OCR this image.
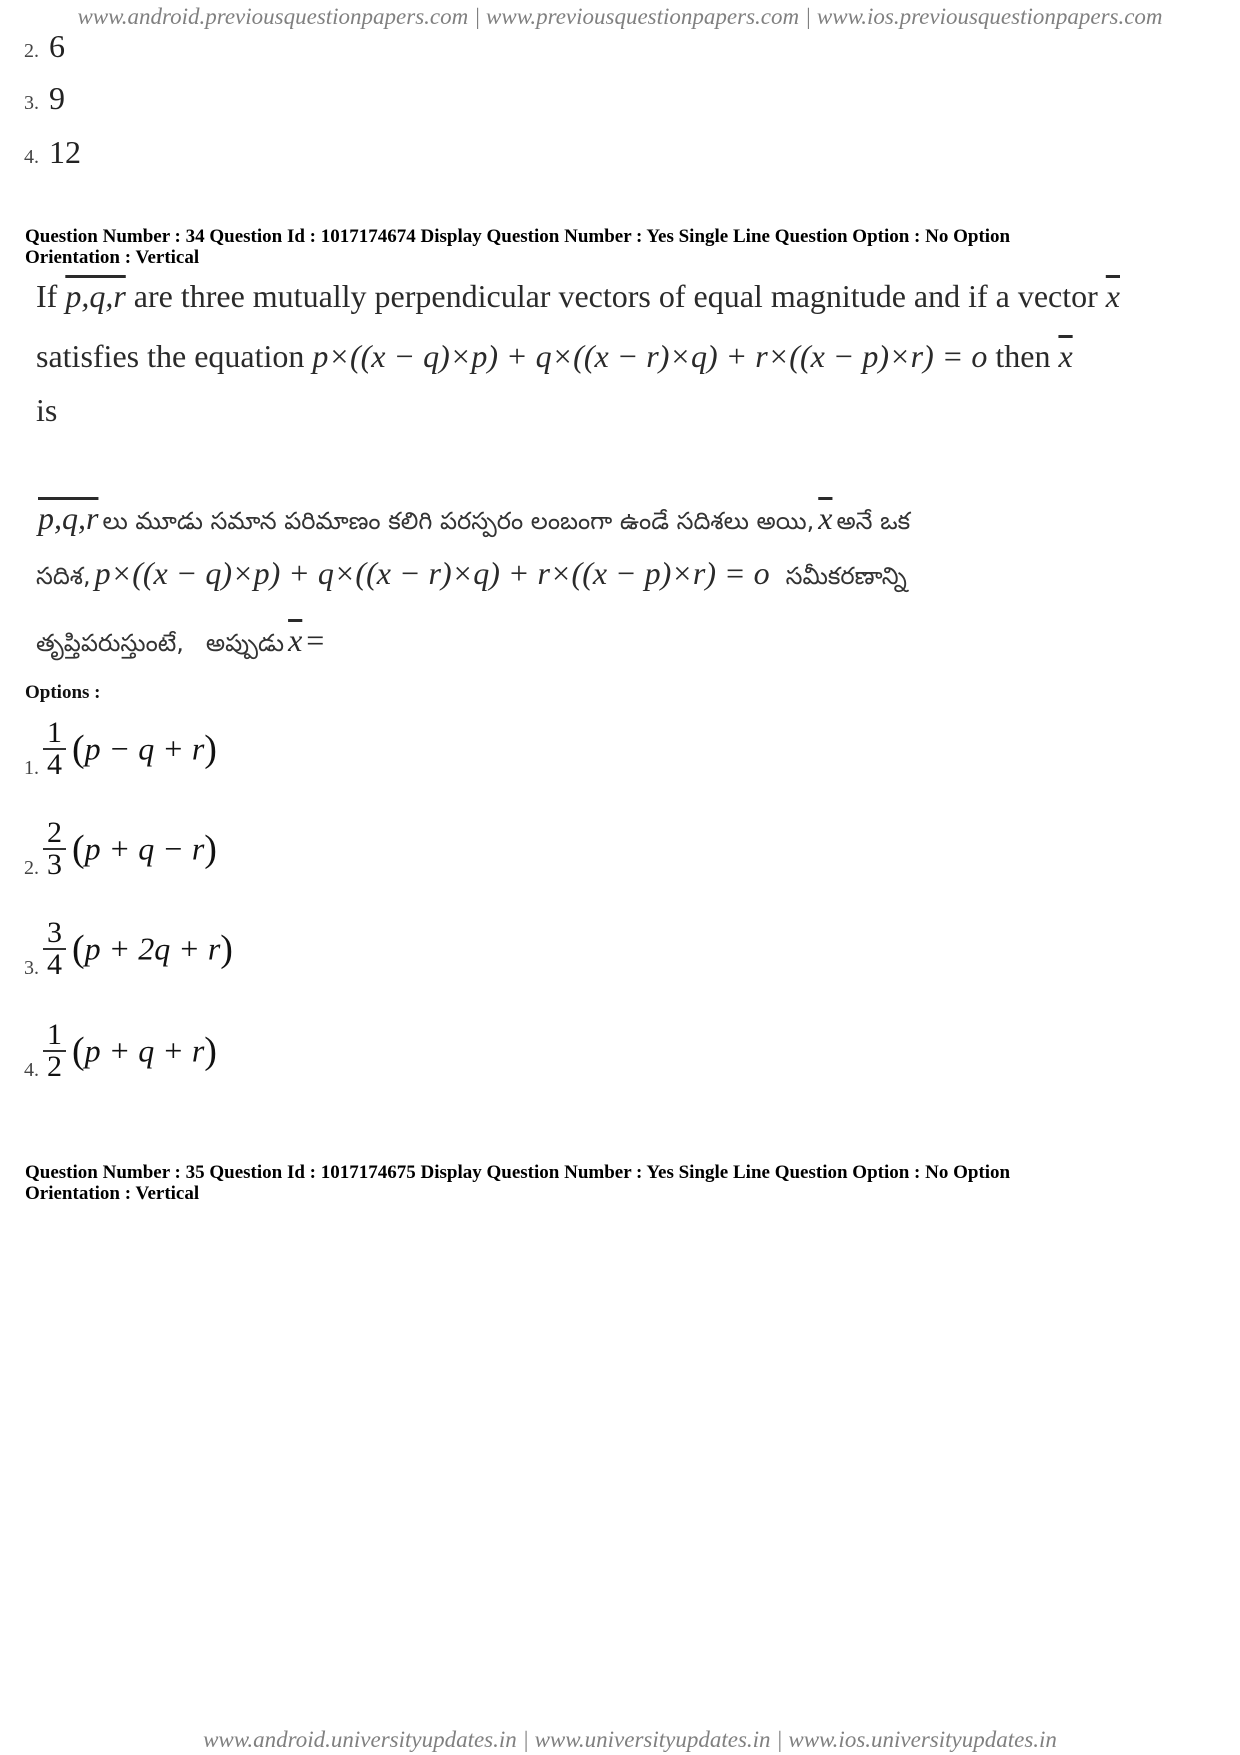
www.android.previousquestionpapers.com | www.previousquestionpapers.com | www.ios.previousquestionpapers.com
2. 6
3. 9
4. 12
Question Number : 34 Question Id : 1017174674 Display Question Number : Yes Single Line Question Option : No Option
Orientation : Vertical
If p,q,r are three mutually perpendicular vectors of equal magnitude and if a vector $\overline{x}$
satisfies the equation p×((x − q)×p) + q×((x − r)×q) + r×((x − p)×r) = o then $\overline{x}$
is
p,q,r లు మూడు సమాన పరిమాణం కలిగి పరస్పరం లంబంగా ఉండే సదిశలు అయి, $\overline{x}$ అనే ఒక
సదిశ, p×((x − q)×p) + q×((x − r)×q) + r×((x − p)×r) = o సమీకరణాన్ని
తృప్తిపరుస్తుంటే, అప్పుడు $\overline{x}$ =
Options :
1. $\frac{1}{4} (p - q + r)$
2. $\frac{2}{3} (p + q - r)$
3. $\frac{3}{4} (p + 2q + r)$
4. $\frac{1}{2} (p + q + r)$
Question Number : 35 Question Id : 1017174675 Display Question Number : Yes Single Line Question Option : No Option
Orientation : Vertical
www.android.universityupdates.in | www.universityupdates.in | www.ios.universityupdates.in
